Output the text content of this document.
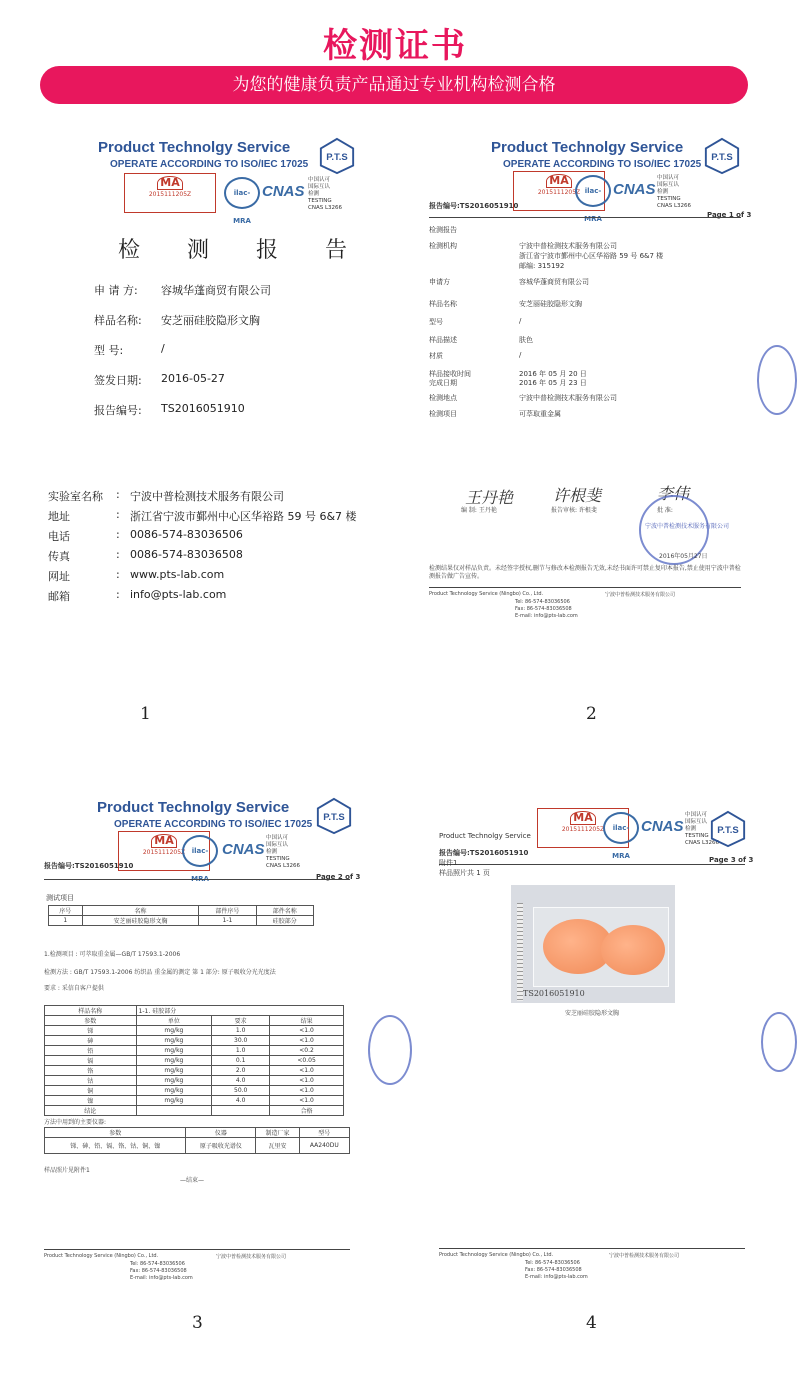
检测证书
为您的健康负责产品通过专业机构检测合格
Product Technolgy Service
OPERATE ACCORDING TO ISO/IEC 17025
P.T.S
MA
2015111205Z	ilac-MRA
CNAS
中国认可
国际互认
检测
TESTING
CNAS L3266
检 测 报 告
申 请 方: 容城华蓬商贸有限公司
样品名称: 安芝丽硅胶隐形文胸
型 号:	/
签发日期: 2016-05-27
报告编号: TS2016051910
实验室名称 宁波中普检测技术服务有限公司
地址	浙江省宁波市鄞州中心区华裕路 59 号 6&7 楼
电话	0086-574-83036506
传真	0086-574-83036508
网址	www.pts-lab.com
邮箱	info@pts-lab.com
:
:
:
:
:
:
1
Product Technolgy Service
OPERATE ACCORDING TO ISO/IEC 17025
P.T.S
MA
2015111205Z ilac-MRA
CNAS
中国认可
国际互认
检测
TESTING
CNAS L3266
报告编号:TS2016051910
Page 1 of 3
检测报告
检测机构	宁波中普检测技术服务有限公司
浙江省宁波市鄞州中心区华裕路 59 号 6&7 楼
邮编: 315192
申请方	容城华蓬商贸有限公司
样品名称	安芝丽硅胶隐形文胸
型号	/
样品描述	肤色
材质	/
样品接收时间	2016 年 05 月 20 日
完成日期	2016 年 05 月 23 日
检测地点	宁波中普检测技术服务有限公司
检测项目	可萃取重金属
王丹艳 许根斐	李伟
编 制: 王丹艳	报告审核: 许根斐	批 准:
宁波中普检测技术服务有限公司
2016年05月27日
检测结果仅对样品负责。未经签字授权,删节与修改本检测报告无效,未经书面许可禁止复印本报告,禁止使用宁波中普检测报告做广告宣传。
Product Technology Service (Ningbo) Co., Ltd.	宁波中普检测技术服务有限公司
Tel: 86-574-83036506
Fax: 86-574-83036508
E-mail: info@pts-lab.com
2
Product Technolgy Service
OPERATE ACCORDING TO ISO/IEC 17025
P.T.S
MA
2015111205Z ilac-MRA
CNAS
中国认可
国际互认
检测
TESTING
CNAS L3266
报告编号:TS2016051910
Page 2 of 3
测试项目
序号	名称	部件序号	部件名称
1	安芝丽硅胶隐形文胸	1-1	硅胶部分
1.检测项目 : 可萃取重金属—GB/T 17593.1-2006
检测方法 : GB/T 17593.1-2006 纺织品 重金属的测定 第 1 部分: 原子吸收分光光度法
要求 : 采信自客户提供
样品名称	1-1. 硅胶部分		
参数	单位	要求	结果
锑	mg/kg	1.0	<1.0
砷	mg/kg	30.0	<1.0
铅	mg/kg	1.0	<0.2
镉	mg/kg	0.1	<0.05
铬	mg/kg	2.0	<1.0
钴	mg/kg	4.0	<1.0
铜	mg/kg	50.0	<1.0
镍	mg/kg	4.0	<1.0
结论			合格
方法中用到的主要仪器:
参数	仪器	制造厂家	型号
锑、砷、铅、镉、铬、钴、铜、镍	原子吸收光谱仪	瓦里安	AA240DU
样品照片见附件1
—结束—
Product Technology Service (Ningbo) Co., Ltd.	宁波中普检测技术服务有限公司
Tel: 86-574-83036506
Fax: 86-574-83036508
E-mail: info@pts-lab.com
3
Product Technolgy Service
MA
2015111205Z	ilac-MRA
CNAS
中国认可
国际互认
检测
TESTING
CNAS L3266
P.T.S
报告编号:TS2016051910
Page 3 of 3
附件1
样品照片共 1 页
TS2016051910
安芝丽硅胶隐形文胸
Product Technology Service (Ningbo) Co., Ltd.	宁波中普检测技术服务有限公司
Tel: 86-574-83036506
Fax: 86-574-83036508
E-mail: info@pts-lab.com
4
